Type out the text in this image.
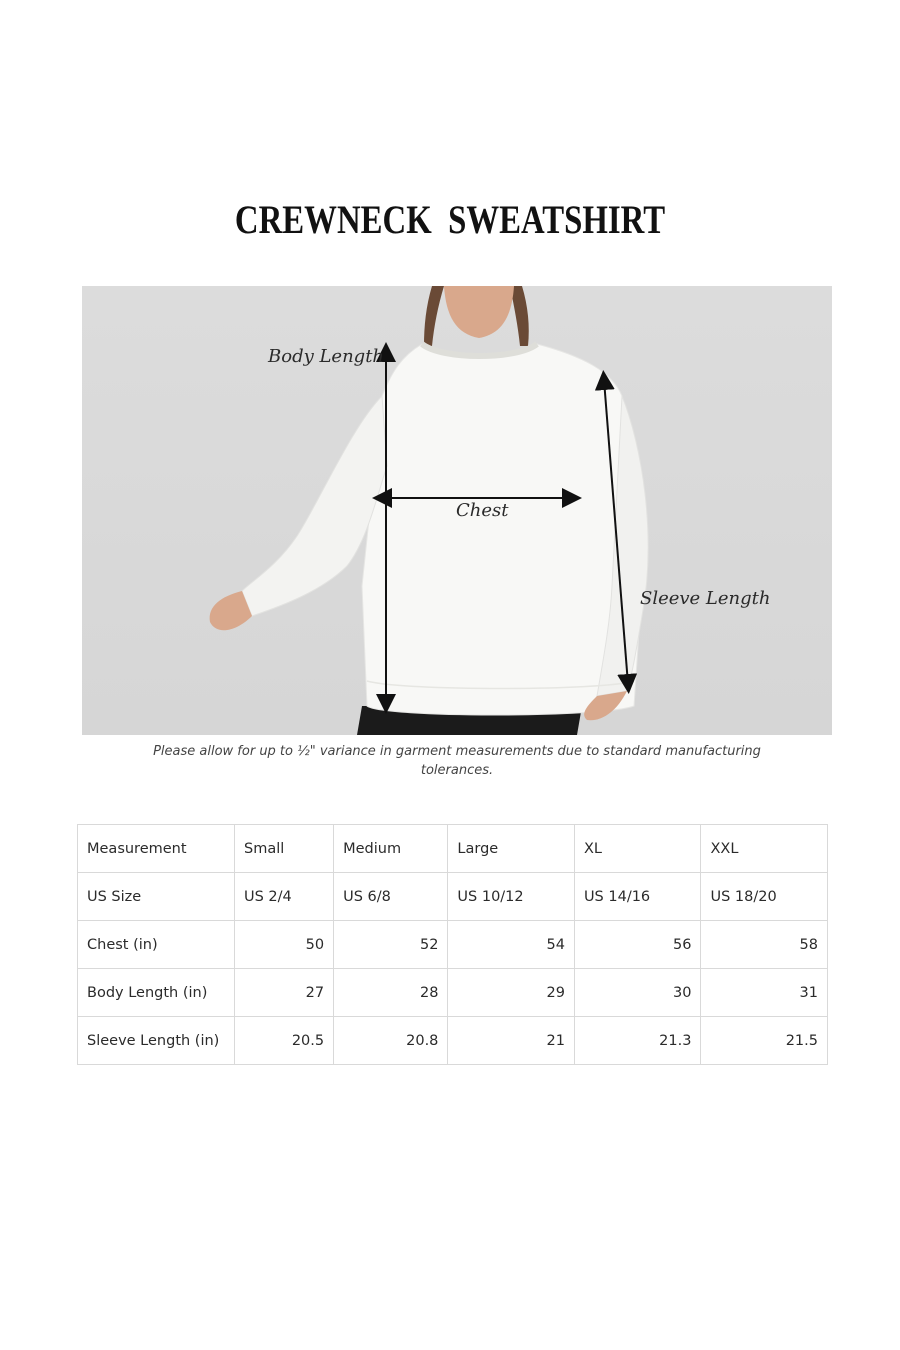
CREWNECK SWEATSHIRT
Body Length
Chest
Sleeve Length
Please allow for up to ½" variance in garment measurements due to standard manufacturing tolerances.
Measurement	Small	Medium	Large	XL	XXL
US Size	US 2/4	US 6/8	US 10/12	US 14/16	US 18/20
Chest (in)	50	52	54	56	58
Body Length (in)	27	28	29	30	31
Sleeve Length (in)	20.5	20.8	21	21.3	21.5
